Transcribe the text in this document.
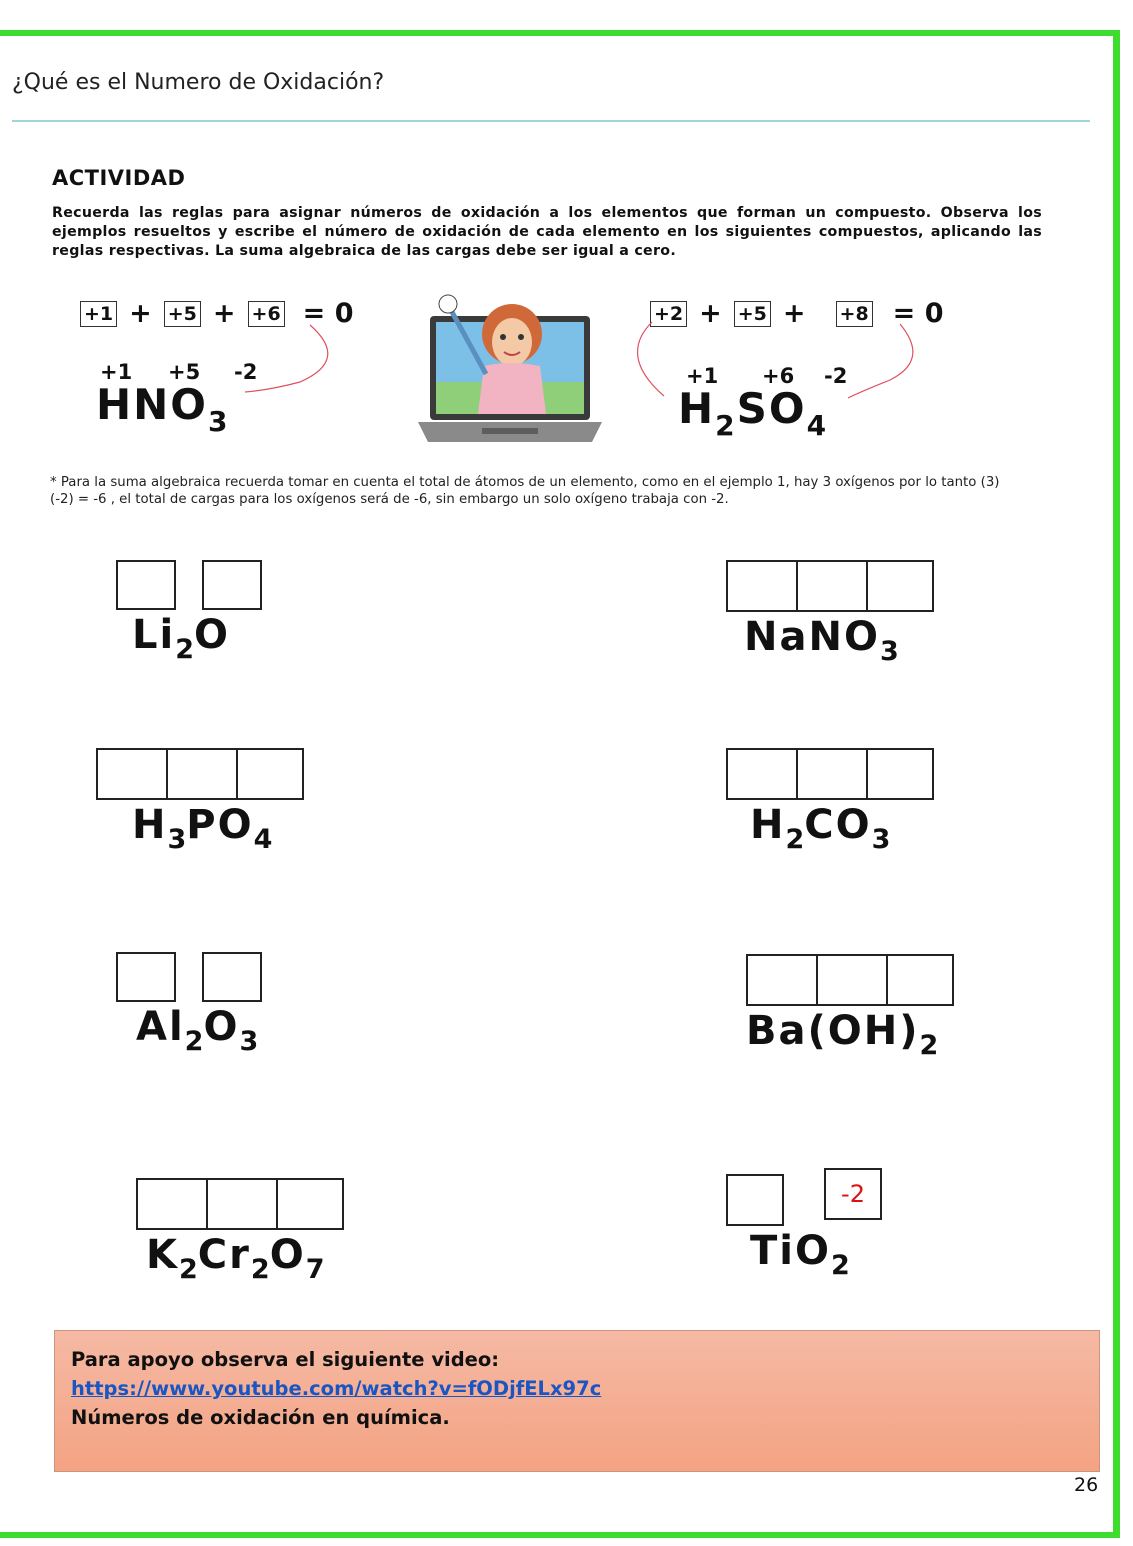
¿Qué es el Numero de Oxidación?
ACTIVIDAD
Recuerda las reglas para asignar números de oxidación a los elementos que forman un compuesto. Observa los ejemplos resueltos y escribe el número de oxidación de cada elemento en los siguientes compuestos, aplicando las reglas respectivas. La suma algebraica de las cargas debe ser igual a cero.
+1 + +5 + +6 = 0
+1 +5 -2
$HNO_3$
+2 + +5 + +8 = 0
+1 +6 -2
$H_2SO_4$
* Para la suma algebraica recuerda tomar en cuenta el total de átomos de un elemento, como en el ejemplo 1, hay 3 oxígenos por lo tanto (3) (-2) = -6 , el total de cargas para los oxígenos será de -6, sin embargo un solo oxígeno trabaja con -2.
$Li_2O$	NaNO$_3$
$H_3PO_4$	$H_2CO_3$
$Al_2O_3$	$Ba(OH)_2$
$K_2Cr_2O_7$
-2
TiO$_2$
Para apoyo observa el siguiente video:
https://www.youtube.com/watch?v=fODjfELx97c
Números de oxidación en química.
26
